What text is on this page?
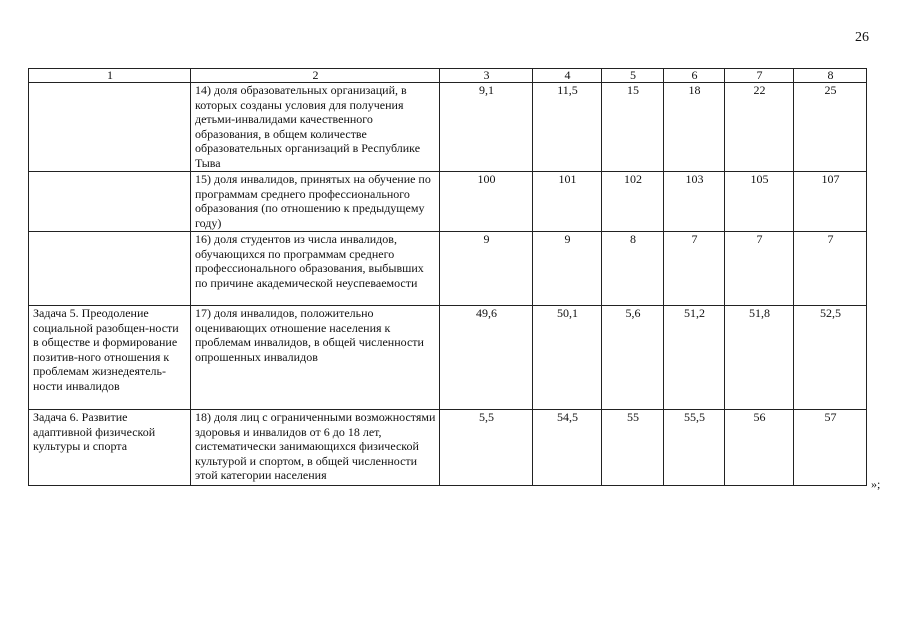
26
1	2	3	4	5	6	7	8
	14) доля образовательных организаций, в которых созданы условия для получения детьми-инвалидами качественного образования, в общем количестве образовательных организаций в Республике Тыва	9,1	11,5	15	18	22	25
	15) доля инвалидов, принятых на обучение по программам среднего профессионального образования (по отношению к предыдущему году)	100	101	102	103	105	107
	16) доля студентов из числа инвалидов, обучающихся по программам среднего профессионального образования, выбывших по причине академической неуспеваемости	9	9	8	7	7	7
Задача 5. Преодоление социальной разобщен-ности в обществе и формирование позитив-ного отношения к проблемам жизнедеятель-ности инвалидов	17) доля инвалидов, положительно оценивающих отношение населения к проблемам инвалидов, в общей численности опрошенных инвалидов	49,6	50,1	5,6	51,2	51,8	52,5
Задача 6. Развитие адаптивной физической культуры и спорта	18) доля лиц с ограниченными возможностями здоровья и инвалидов от 6 до 18 лет, систематически занимающихся физической культурой и спортом, в общей численности этой категории населения	5,5	54,5	55	55,5	56	57
»;
